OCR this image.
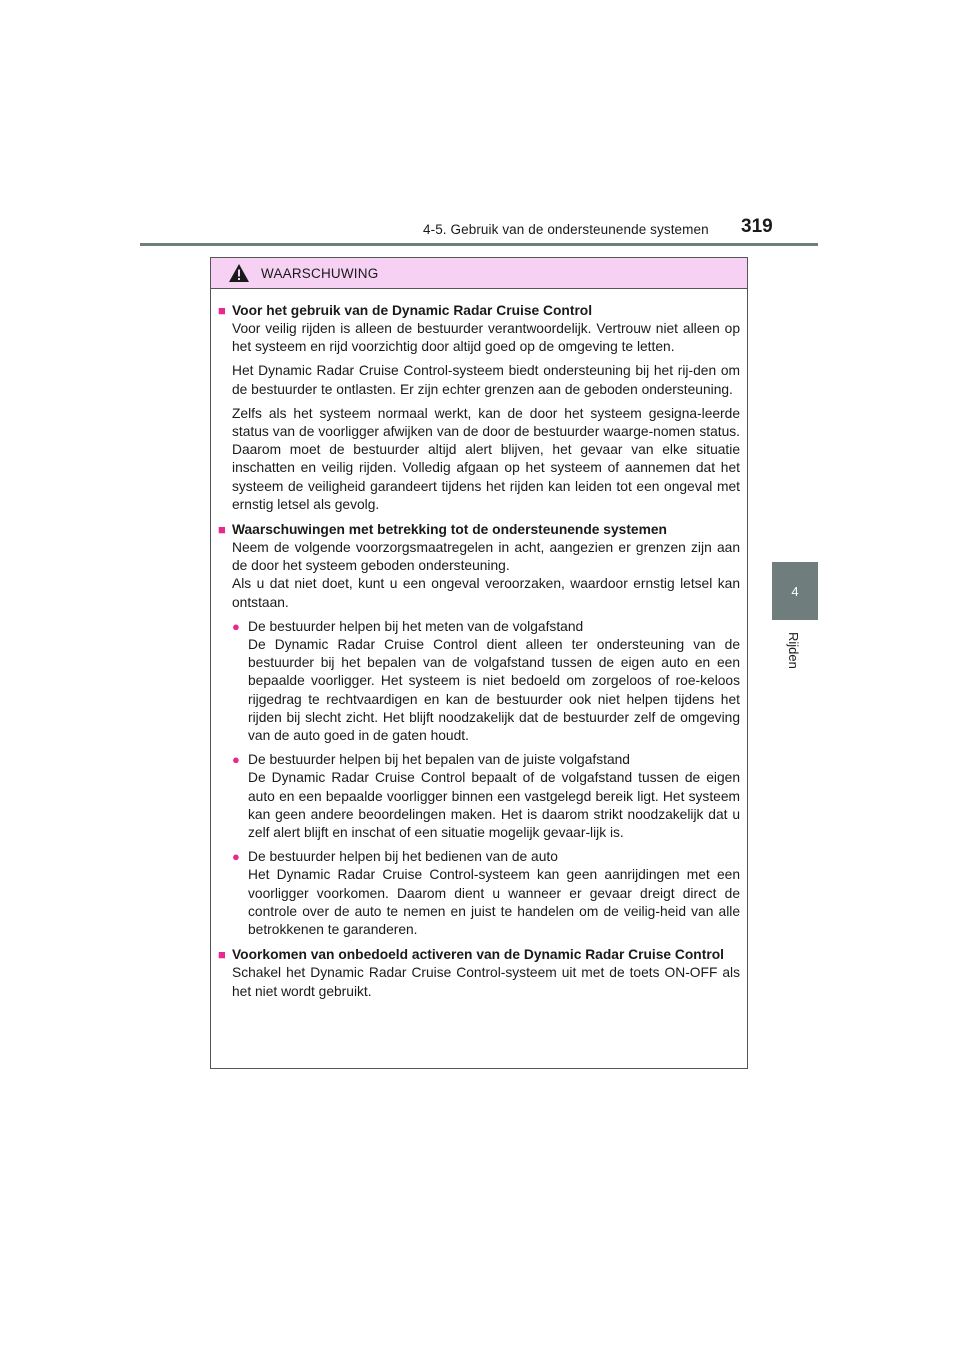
4-5. Gebruik van de ondersteunende systemen 319
4
Rijden
WAARSCHUWING
■ Voor het gebruik van de Dynamic Radar Cruise Control

Voor veilig rijden is alleen de bestuurder verantwoordelijk. Vertrouw niet alleen op het systeem en rijd voorzichtig door altijd goed op de omgeving te letten.

Het Dynamic Radar Cruise Control-systeem biedt ondersteuning bij het rij-den om de bestuurder te ontlasten. Er zijn echter grenzen aan de geboden ondersteuning.

Zelfs als het systeem normaal werkt, kan de door het systeem gesigna-leerde status van de voorligger afwijken van de door de bestuurder waarge-nomen status. Daarom moet de bestuurder altijd alert blijven, het gevaar van elke situatie inschatten en veilig rijden. Volledig afgaan op het systeem of aannemen dat het systeem de veiligheid garandeert tijdens het rijden kan leiden tot een ongeval met ernstig letsel als gevolg.

■ Waarschuwingen met betrekking tot de ondersteunende systemen

Neem de volgende voorzorgsmaatregelen in acht, aangezien er grenzen zijn aan de door het systeem geboden ondersteuning.

Als u dat niet doet, kunt u een ongeval veroorzaken, waardoor ernstig letsel kan ontstaan.

● De bestuurder helpen bij het meten van de volgafstand
De Dynamic Radar Cruise Control dient alleen ter ondersteuning van de bestuurder bij het bepalen van de volgafstand tussen de eigen auto en een bepaalde voorligger. Het systeem is niet bedoeld om zorgeloos of roe-keloos rijgedrag te rechtvaardigen en kan de bestuurder ook niet helpen tijdens het rijden bij slecht zicht. Het blijft noodzakelijk dat de bestuurder zelf de omgeving van de auto goed in de gaten houdt.
● De bestuurder helpen bij het bepalen van de juiste volgafstand
De Dynamic Radar Cruise Control bepaalt of de volgafstand tussen de eigen auto en een bepaalde voorligger binnen een vastgelegd bereik ligt. Het systeem kan geen andere beoordelingen maken. Het is daarom strikt noodzakelijk dat u zelf alert blijft en inschat of een situatie mogelijk gevaar-lijk is.
● De bestuurder helpen bij het bedienen van de auto
Het Dynamic Radar Cruise Control-systeem kan geen aanrijdingen met een voorligger voorkomen. Daarom dient u wanneer er gevaar dreigt direct de controle over de auto te nemen en juist te handelen om de veilig-heid van alle betrokkenen te garanderen.
■ Voorkomen van onbedoeld activeren van de Dynamic Radar Cruise Control

Schakel het Dynamic Radar Cruise Control-systeem uit met de toets ON-OFF als het niet wordt gebruikt.
